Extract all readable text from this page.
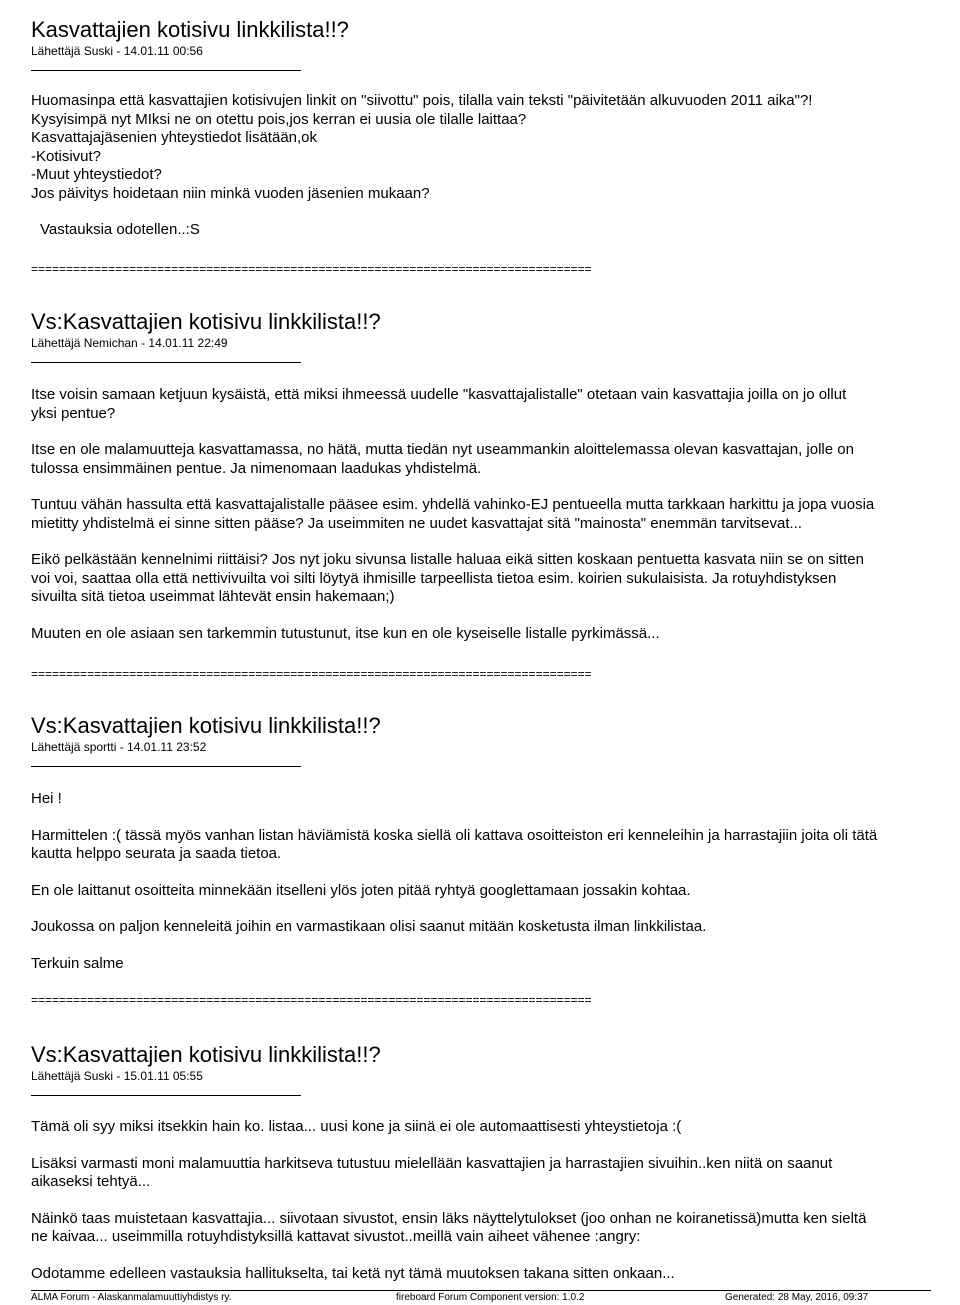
Kasvattajien kotisivu linkkilista!!?
Lähettäjä Suski - 14.01.11 00:56
Huomasinpa että kasvattajien kotisivujen linkit on "siivottu" pois, tilalla vain teksti "päivitetään alkuvuoden 2011 aika"?!
Kysyisimpä nyt MIksi ne on otettu pois,jos kerran ei uusia ole tilalle laittaa?
Kasvattajajäsenien yhteystiedot lisätään,ok
-Kotisivut?
-Muut yhteystiedot?
Jos päivitys hoidetaan niin minkä vuoden jäsenien mukaan?
Vastauksia odotellen..:S
================================================================================
Vs:Kasvattajien kotisivu linkkilista!!?
Lähettäjä Nemichan - 14.01.11 22:49

Itse voisin samaan ketjuun kysäistä, että miksi ihmeessä uudelle "kasvattajalistalle" otetaan vain kasvattajia joilla on jo ollut
yksi pentue?

Itse en ole malamuutteja kasvattamassa, no hätä, mutta tiedän nyt useammankin aloittelemassa olevan kasvattajan, jolle on
tulossa ensimmäinen pentue. Ja nimenomaan laadukas yhdistelmä.

Tuntuu vähän hassulta että kasvattajalistalle pääsee esim. yhdellä vahinko-EJ pentueella mutta tarkkaan harkittu ja jopa vuosia
mietitty yhdistelmä ei sinne sitten pääse? Ja useimmiten ne uudet kasvattajat sitä "mainosta" enemmän tarvitsevat...

Eikö pelkästään kennelnimi riittäisi? Jos nyt joku sivunsa listalle haluaa eikä sitten koskaan pentuetta kasvata niin se on sitten
voi voi, saattaa olla että nettivivuilta voi silti löytyä ihmisille tarpeellista tietoa esim. koirien sukulaisista. Ja rotuyhdistyksen
sivuilta sitä tietoa useimmat lähtevät ensin hakemaan;)

Muuten en ole asiaan sen tarkemmin tutustunut, itse kun en ole kyseiselle listalle pyrkimässä...

================================================================================
Vs:Kasvattajien kotisivu linkkilista!!?
Lähettäjä sportti - 14.01.11 23:52

Hei !

Harmittelen :( tässä myös vanhan listan häviämistä koska siellä oli kattava osoitteiston eri kenneleihin ja harrastajiin joita oli tätä
kautta helppo seurata ja saada tietoa.

En ole laittanut osoitteita minnekään itselleni ylös joten pitää ryhtyä googlettamaan jossakin kohtaa.

Joukossa on paljon kenneleitä joihin en varmastikaan olisi saanut mitään kosketusta ilman linkkilistaa.

Terkuin salme

================================================================================
Vs:Kasvattajien kotisivu linkkilista!!?
Lähettäjä Suski - 15.01.11 05:55

Tämä oli syy miksi itsekkin hain ko. listaa... uusi kone ja siinä ei ole automaattisesti yhteystietoja :(

Lisäksi varmasti moni malamuuttia harkitseva tutustuu mielellään kasvattajien ja harrastajien sivuihin..ken niitä on saanut
aikaseksi tehtyä...

Näinkö taas muistetaan kasvattajia... siivotaan sivustot, ensin läks näyttelytulokset (joo onhan ne koiranetissä)mutta ken sieltä
ne kaivaa... useimmilla rotuyhdistyksillä kattavat sivustot..meillä vain aiheet vähenee :angry:

Odotamme edelleen vastauksia hallitukselta, tai ketä nyt tämä muutoksen takana sitten onkaan...

ALMA Forum - Alaskanmalamuuttiyhdistys ry.	fireboard Forum Component version: 1.0.2	Generated: 28 May, 2016, 09:37
